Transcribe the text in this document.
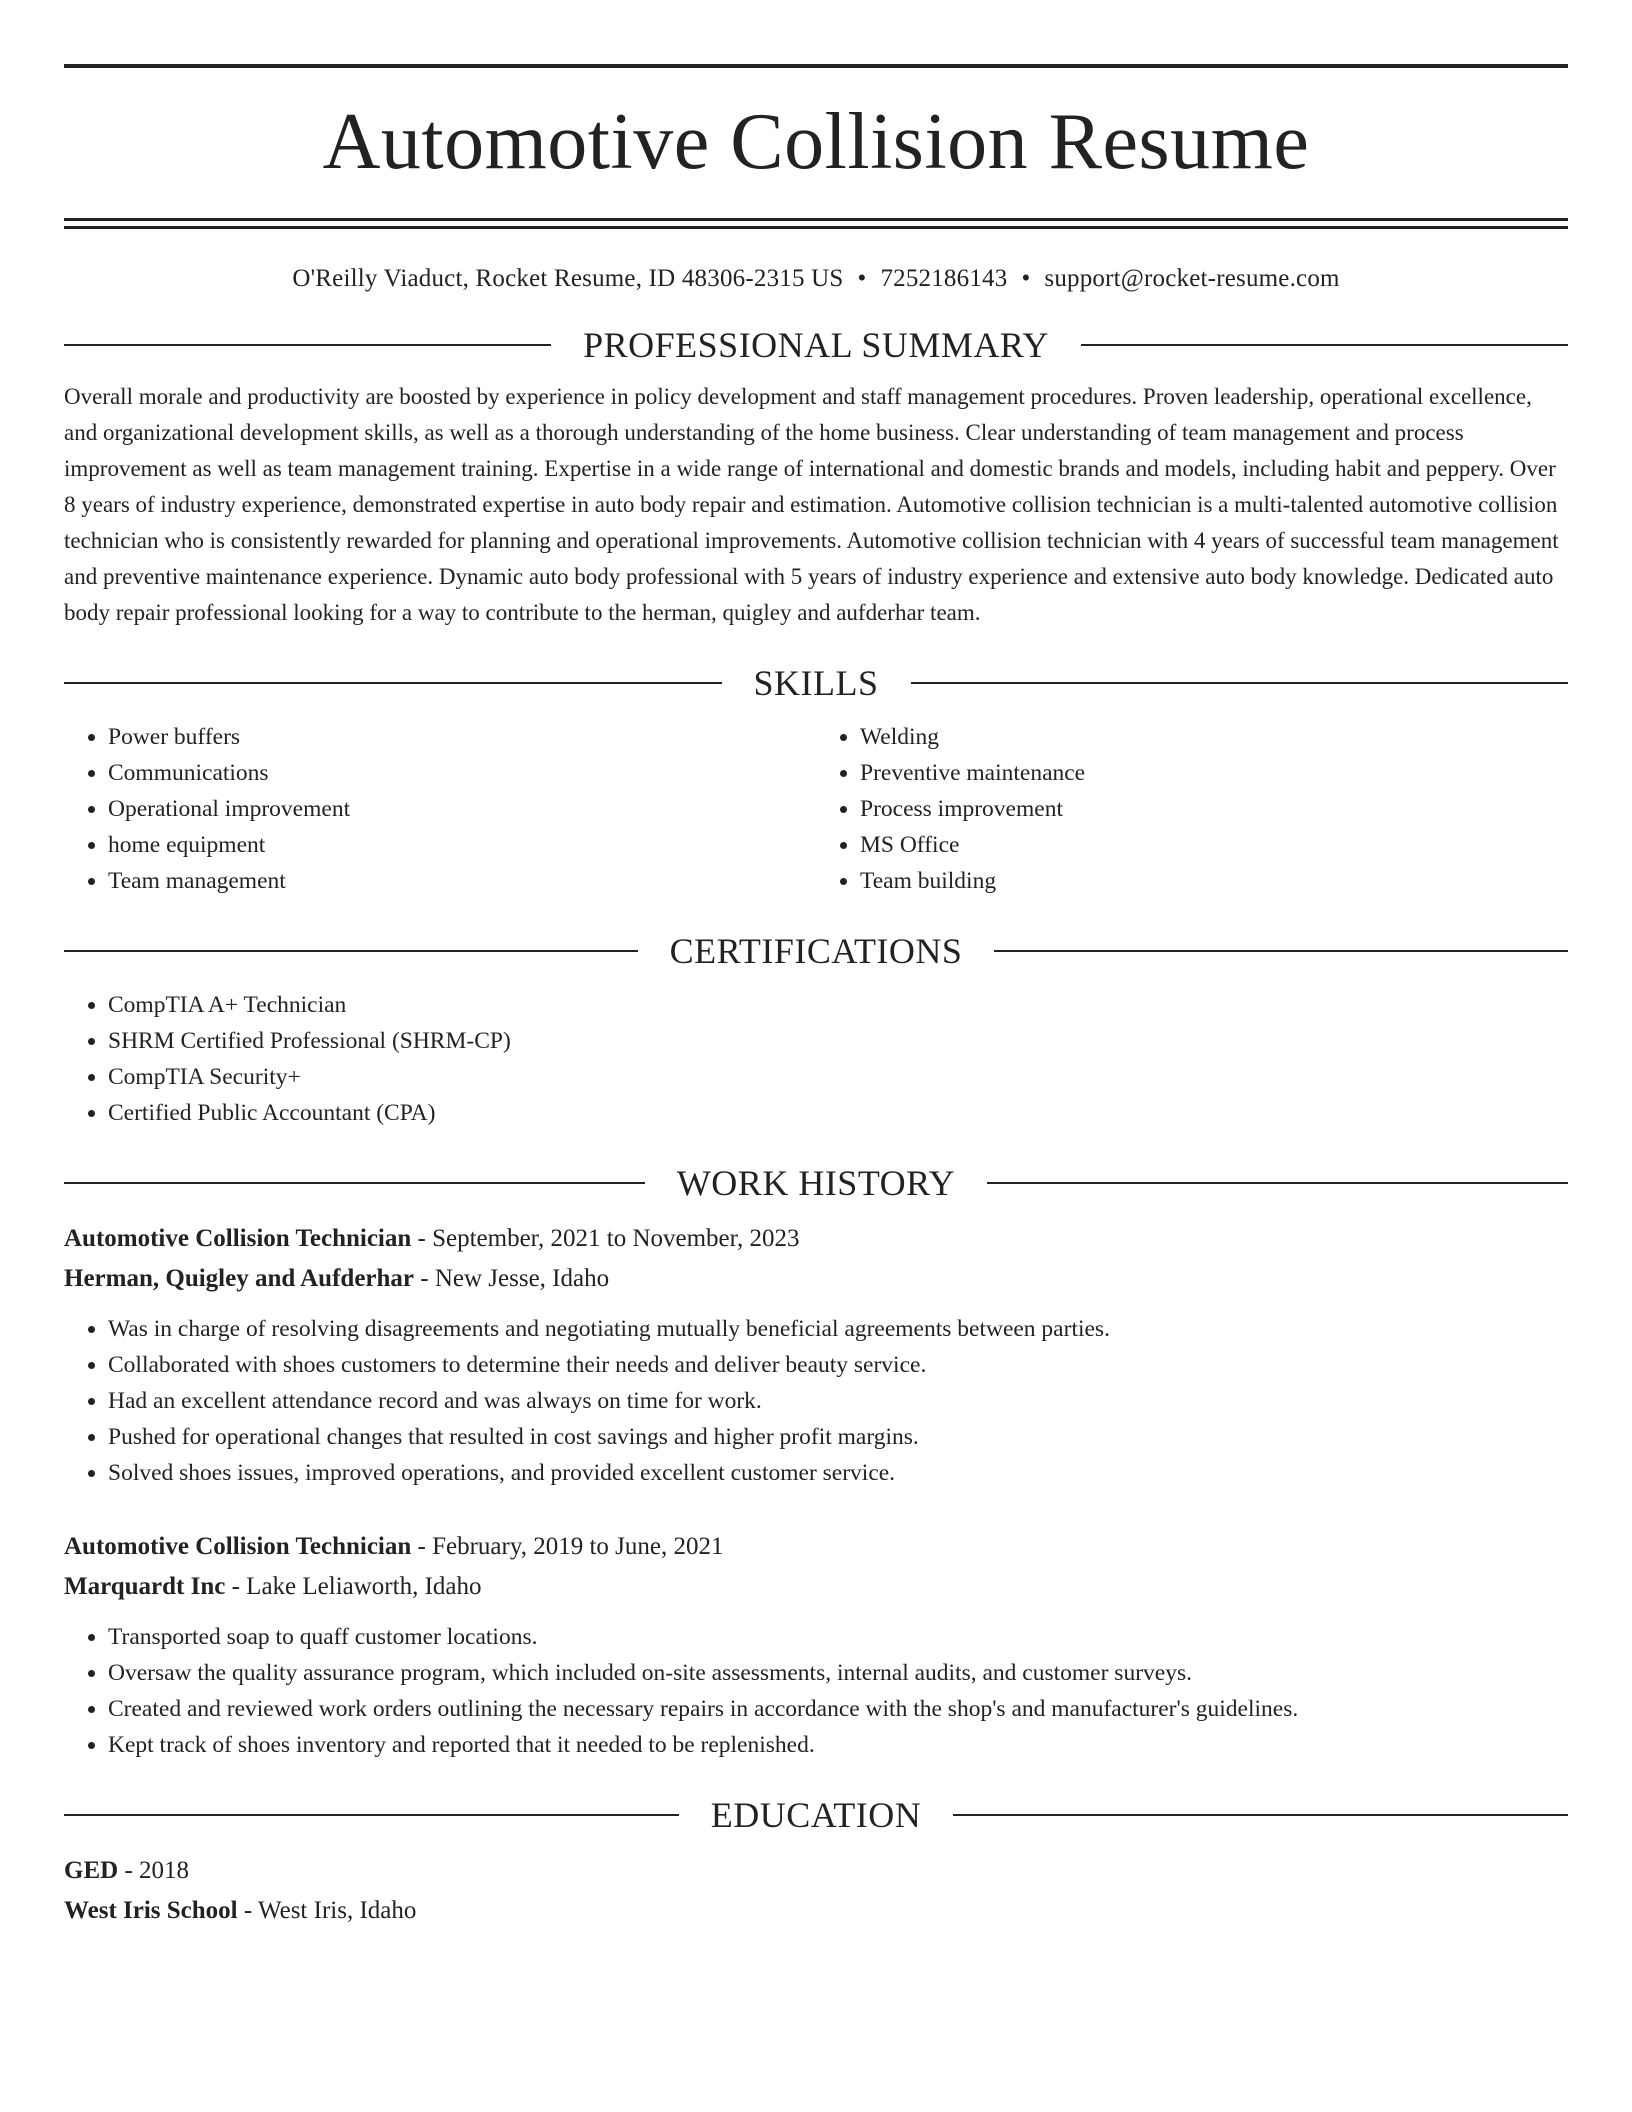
Automotive Collision Resume
O'Reilly Viaduct, Rocket Resume, ID 48306-2315 US • 7252186143 • support@rocket-resume.com
PROFESSIONAL SUMMARY

Overall morale and productivity are boosted by experience in policy development and staff management procedures. Proven leadership, operational excellence, and organizational development skills, as well as a thorough understanding of the home business. Clear understanding of team management and process improvement as well as team management training. Expertise in a wide range of international and domestic brands and models, including habit and peppery. Over 8 years of industry experience, demonstrated expertise in auto body repair and estimation. Automotive collision technician is a multi-talented automotive collision technician who is consistently rewarded for planning and operational improvements. Automotive collision technician with 4 years of successful team management and preventive maintenance experience. Dynamic auto body professional with 5 years of industry experience and extensive auto body knowledge. Dedicated auto body repair professional looking for a way to contribute to the herman, quigley and aufderhar team.

SKILLS
• Power buffers
• Communications
• Operational improvement
• home equipment
• Team management
• Welding
• Preventive maintenance
• Process improvement
• MS Office
• Team building
CERTIFICATIONS
• CompTIA A+ Technician
• SHRM Certified Professional (SHRM-CP)
• CompTIA Security+
• Certified Public Accountant (CPA)
WORK HISTORY
Automotive Collision Technician - September, 2021 to November, 2023
Herman, Quigley and Aufderhar - New Jesse, Idaho
• Was in charge of resolving disagreements and negotiating mutually beneficial agreements between parties.
• Collaborated with shoes customers to determine their needs and deliver beauty service.
• Had an excellent attendance record and was always on time for work.
• Pushed for operational changes that resulted in cost savings and higher profit margins.
• Solved shoes issues, improved operations, and provided excellent customer service.
Automotive Collision Technician - February, 2019 to June, 2021
Marquardt Inc - Lake Leliaworth, Idaho
• Transported soap to quaff customer locations.
• Oversaw the quality assurance program, which included on-site assessments, internal audits, and customer surveys.
• Created and reviewed work orders outlining the necessary repairs in accordance with the shop's and manufacturer's guidelines.
• Kept track of shoes inventory and reported that it needed to be replenished.
EDUCATION
GED - 2018
West Iris School - West Iris, Idaho
